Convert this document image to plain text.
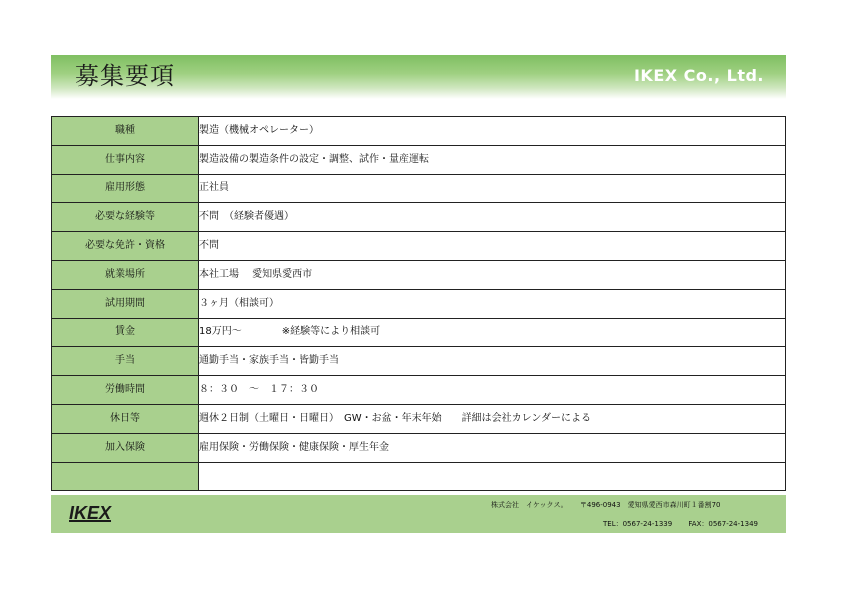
募集要項	IKEX Co., Ltd.
職種	製造（機械オペレーター）
仕事内容	製造設備の製造条件の設定・調整、試作・量産運転
雇用形態	正社員
必要な経験等	不問　（経験者優遇）
必要な免許・資格	不問
就業場所	本社工場　 愛知県愛西市
試用期間	３ヶ月（相談可）
賃金	18万円～　　　　※経験等により相談可
手当	通勤手当・家族手当・皆勤手当
労働時間	８：３０　～　１７：３０
休日等	週休２日制（土曜日・日曜日）　GW・お盆・年末年始　　詳細は会社カレンダーによる
加入保険	雇用保険・労働保険・健康保険・厚生年金

IKEX	株式会社　イケックス。 〒496-0943　愛知県愛西市森川町１番割70
TEL：0567-24-1339 FAX：0567-24-1349
